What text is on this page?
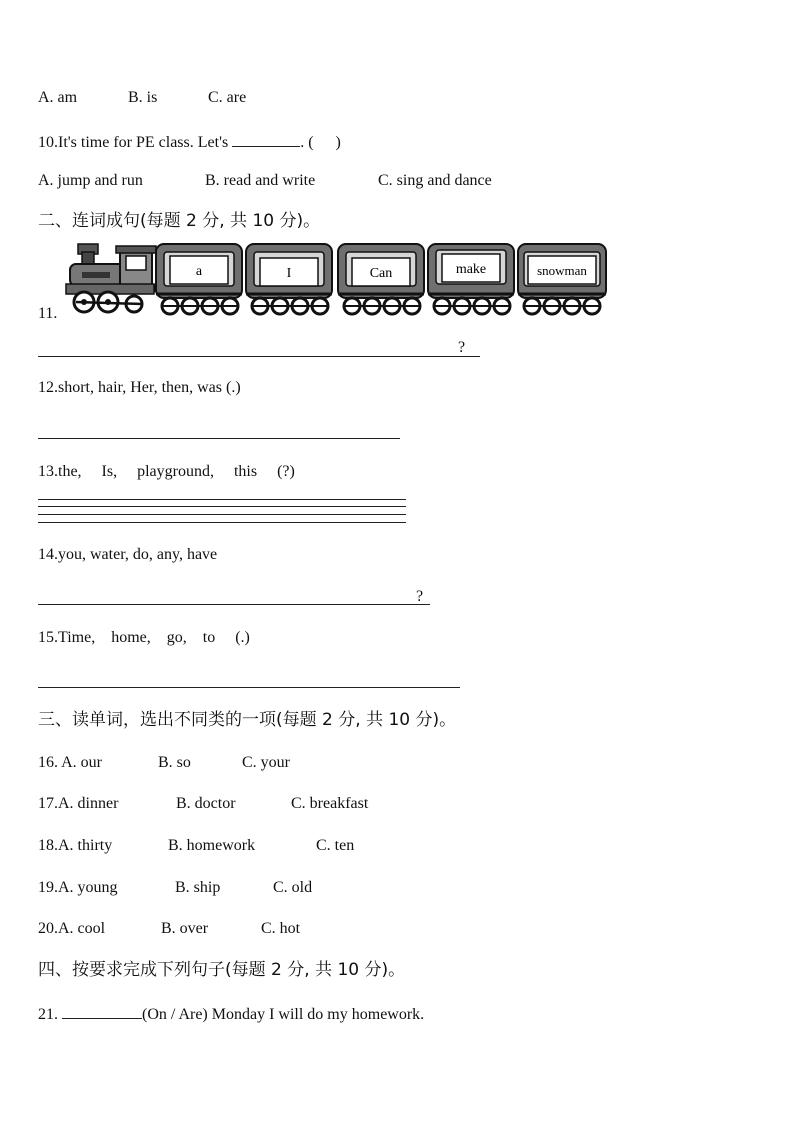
A. am	B. is	C. are
10.It's time for PE class. Let's	. ( )
A. jump and run	B. read and write	C. sing and dance
二、连词成句(每题 2 分, 共 10 分)。
11.
a	I	Can	make	snowman
?
12.short, hair, Her, then, was (.)
13.the,     Is,     playground,     this     (?)
14.you, water, do, any, have
?
15.Time,    home,    go,    to     (.)
三、读单词，选出不同类的一项(每题 2 分, 共 10 分)。
16. A. our	B. so	C. your
17.A. dinner	B. doctor	C. breakfast
18.A. thirty	B. homework	C. ten
19.A. young	B. ship	C. old
20.A. cool	B. over	C. hot
四、按要求完成下列句子(每题 2 分, 共 10 分)。
21.	(On / Are) Monday I will do my homework.
